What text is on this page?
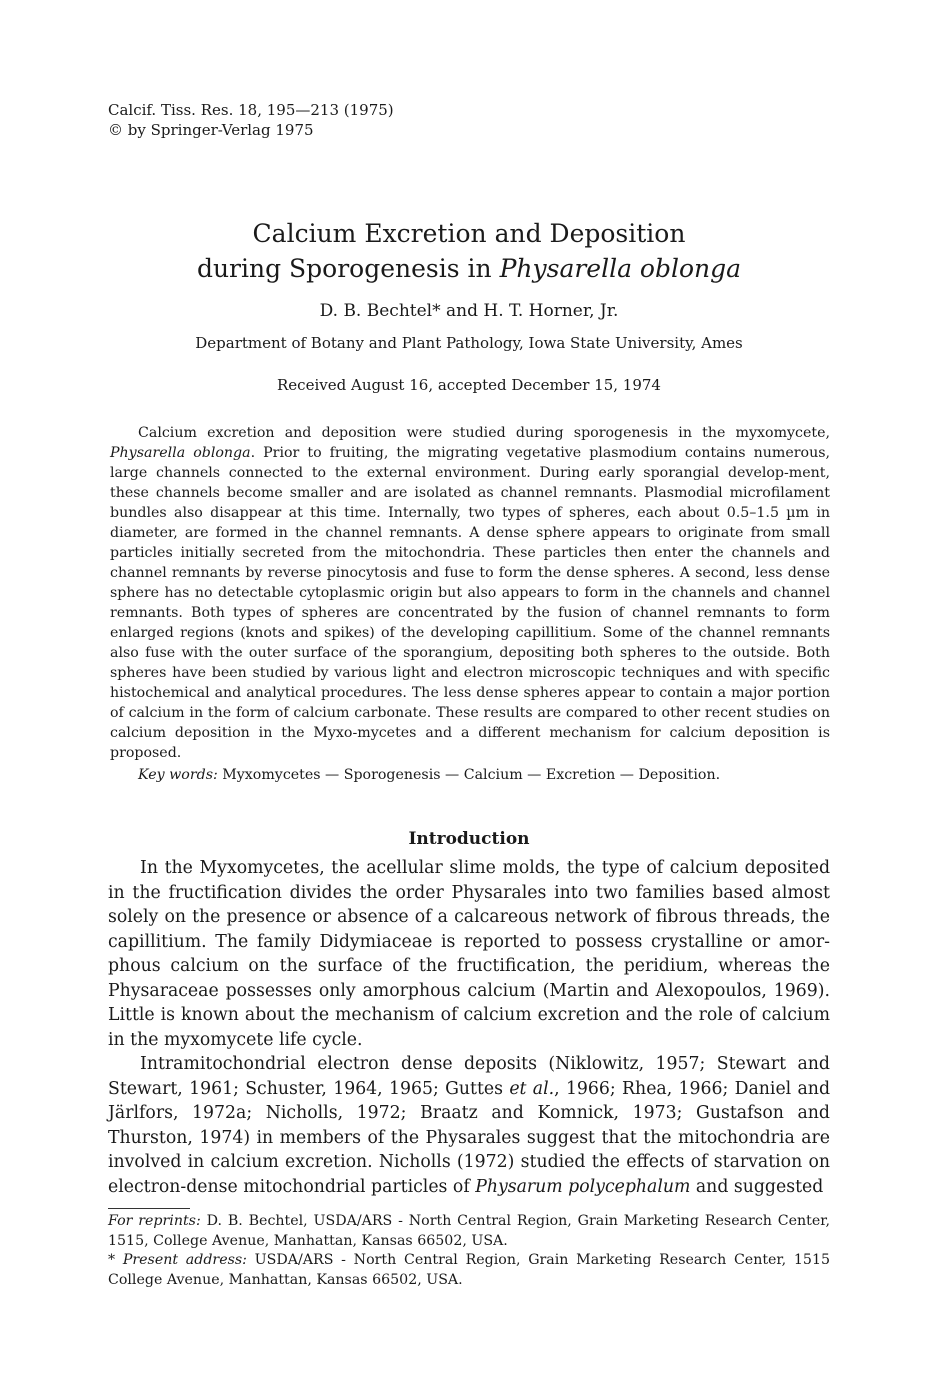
Calcif. Tiss. Res. 18, 195—213 (1975)
© by Springer-Verlag 1975
Calcium Excretion and Deposition
during Sporogenesis in Physarella oblonga
D. B. Bechtel* and H. T. Horner, Jr.
Department of Botany and Plant Pathology, Iowa State University, Ames
Received August 16, accepted December 15, 1974

Calcium excretion and deposition were studied during sporogenesis in the myxomycete, Physarella oblonga. Prior to fruiting, the migrating vegetative plasmodium contains numerous, large channels connected to the external environment. During early sporangial develop-ment, these channels become smaller and are isolated as channel remnants. Plasmodial microfilament bundles also disappear at this time. Internally, two types of spheres, each about 0.5–1.5 µm in diameter, are formed in the channel remnants. A dense sphere appears to originate from small particles initially secreted from the mitochondria. These particles then enter the channels and channel remnants by reverse pinocytosis and fuse to form the dense spheres. A second, less dense sphere has no detectable cytoplasmic origin but also appears to form in the channels and channel remnants. Both types of spheres are concentrated by the fusion of channel remnants to form enlarged regions (knots and spikes) of the developing capillitium. Some of the channel remnants also fuse with the outer surface of the sporangium, depositing both spheres to the outside. Both spheres have been studied by various light and electron microscopic techniques and with specific histochemical and analytical procedures. The less dense spheres appear to contain a major portion of calcium in the form of calcium carbonate. These results are compared to other recent studies on calcium deposition in the Myxo-mycetes and a different mechanism for calcium deposition is proposed.

Key words: Myxomycetes — Sporogenesis — Calcium — Excretion — Deposition.
Introduction

In the Myxomycetes, the acellular slime molds, the type of calcium deposited in the fructification divides the order Physarales into two families based almost solely on the presence or absence of a calcareous network of fibrous threads, the capillitium. The family Didymiaceae is reported to possess crystalline or amor-phous calcium on the surface of the fructification, the peridium, whereas the Physaraceae possesses only amorphous calcium (Martin and Alexopoulos, 1969). Little is known about the mechanism of calcium excretion and the role of calcium in the myxomycete life cycle.

Intramitochondrial electron dense deposits (Niklowitz, 1957; Stewart and Stewart, 1961; Schuster, 1964, 1965; Guttes et al., 1966; Rhea, 1966; Daniel and Järlfors, 1972a; Nicholls, 1972; Braatz and Komnick, 1973; Gustafson and Thurston, 1974) in members of the Physarales suggest that the mitochondria are involved in calcium excretion. Nicholls (1972) studied the effects of starvation on electron-dense mitochondrial particles of Physarum polycephalum and suggested

For reprints: D. B. Bechtel, USDA/ARS - North Central Region, Grain Marketing Research Center, 1515, College Avenue, Manhattan, Kansas 66502, USA.

* Present address: USDA/ARS - North Central Region, Grain Marketing Research Center, 1515 College Avenue, Manhattan, Kansas 66502, USA.
